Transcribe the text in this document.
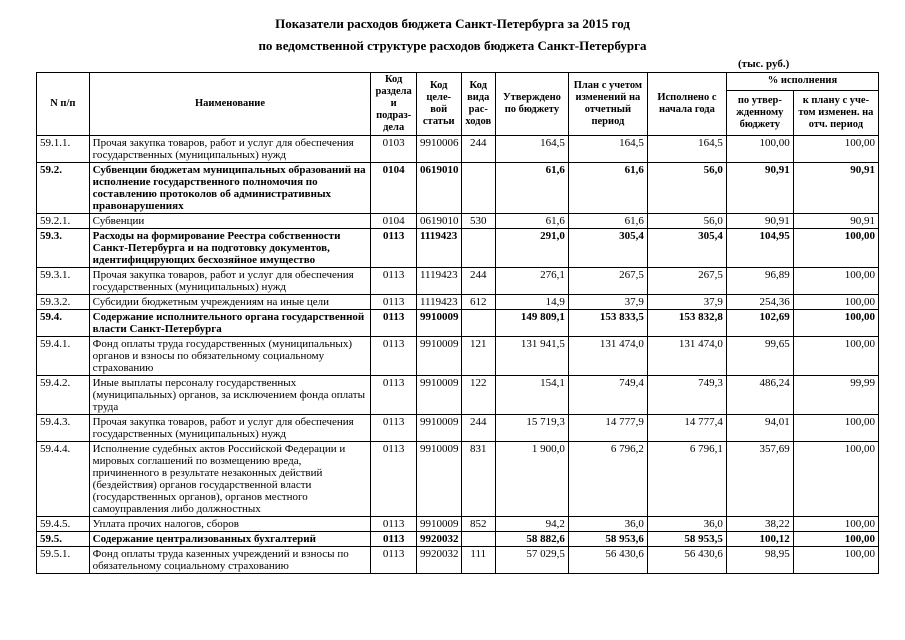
Показатели расходов бюджета Санкт-Петербурга за 2015 год
по ведомственной структуре расходов бюджета Санкт-Петербурга
(тыс. руб.)
N п/п	Наименование	Код раздела и подраз-дела	Код целе-вой статьи	Код вида рас-ходов	Утверждено по бюджету	План с учетом изменений на отчетный период	Исполнено с начала года	% исполнения	
								по утвер-жденному бюджету	к плану с уче-том изменен. на отч. период
59.1.1.	Прочая закупка товаров, работ и услуг для обеспечения государственных (муниципальных) нужд	0103	9910006	244	164,5	164,5	164,5	100,00	100,00
59.2.	Субвенции бюджетам муниципальных образований на исполнение государственного полномочия по составлению протоколов об административных правонарушениях	0104	0619010		61,6	61,6	56,0	90,91	90,91
59.2.1.	Субвенции	0104	0619010	530	61,6	61,6	56,0	90,91	90,91
59.3.	Расходы на формирование Реестра собственности Санкт-Петербурга и на подготовку документов, идентифицирующих бесхозяйное имущество	0113	1119423		291,0	305,4	305,4	104,95	100,00
59.3.1.	Прочая закупка товаров, работ и услуг для обеспечения государственных (муниципальных) нужд	0113	1119423	244	276,1	267,5	267,5	96,89	100,00
59.3.2.	Субсидии бюджетным учреждениям на иные цели	0113	1119423	612	14,9	37,9	37,9	254,36	100,00
59.4.	Содержание исполнительного органа государственной власти Санкт-Петербурга	0113	9910009		149 809,1	153 833,5	153 832,8	102,69	100,00
59.4.1.	Фонд оплаты труда государственных (муниципальных) органов и взносы по обязательному социальному страхованию	0113	9910009	121	131 941,5	131 474,0	131 474,0	99,65	100,00
59.4.2.	Иные выплаты персоналу государственных (муниципальных) органов, за исключением фонда оплаты труда	0113	9910009	122	154,1	749,4	749,3	486,24	99,99
59.4.3.	Прочая закупка товаров, работ и услуг для обеспечения государственных (муниципальных) нужд	0113	9910009	244	15 719,3	14 777,9	14 777,4	94,01	100,00
59.4.4.	Исполнение судебных актов Российской Федерации и мировых соглашений по возмещению вреда, причиненного в результате незаконных действий (бездействия) органов государственной власти (государственных органов), органов местного самоуправления либо должностных	0113	9910009	831	1 900,0	6 796,2	6 796,1	357,69	100,00
59.4.5.	Уплата прочих налогов, сборов	0113	9910009	852	94,2	36,0	36,0	38,22	100,00
59.5.	Содержание централизованных бухгалтерий	0113	9920032		58 882,6	58 953,6	58 953,5	100,12	100,00
59.5.1.	Фонд оплаты труда казенных учреждений и взносы по обязательному социальному страхованию	0113	9920032	111	57 029,5	56 430,6	56 430,6	98,95	100,00
